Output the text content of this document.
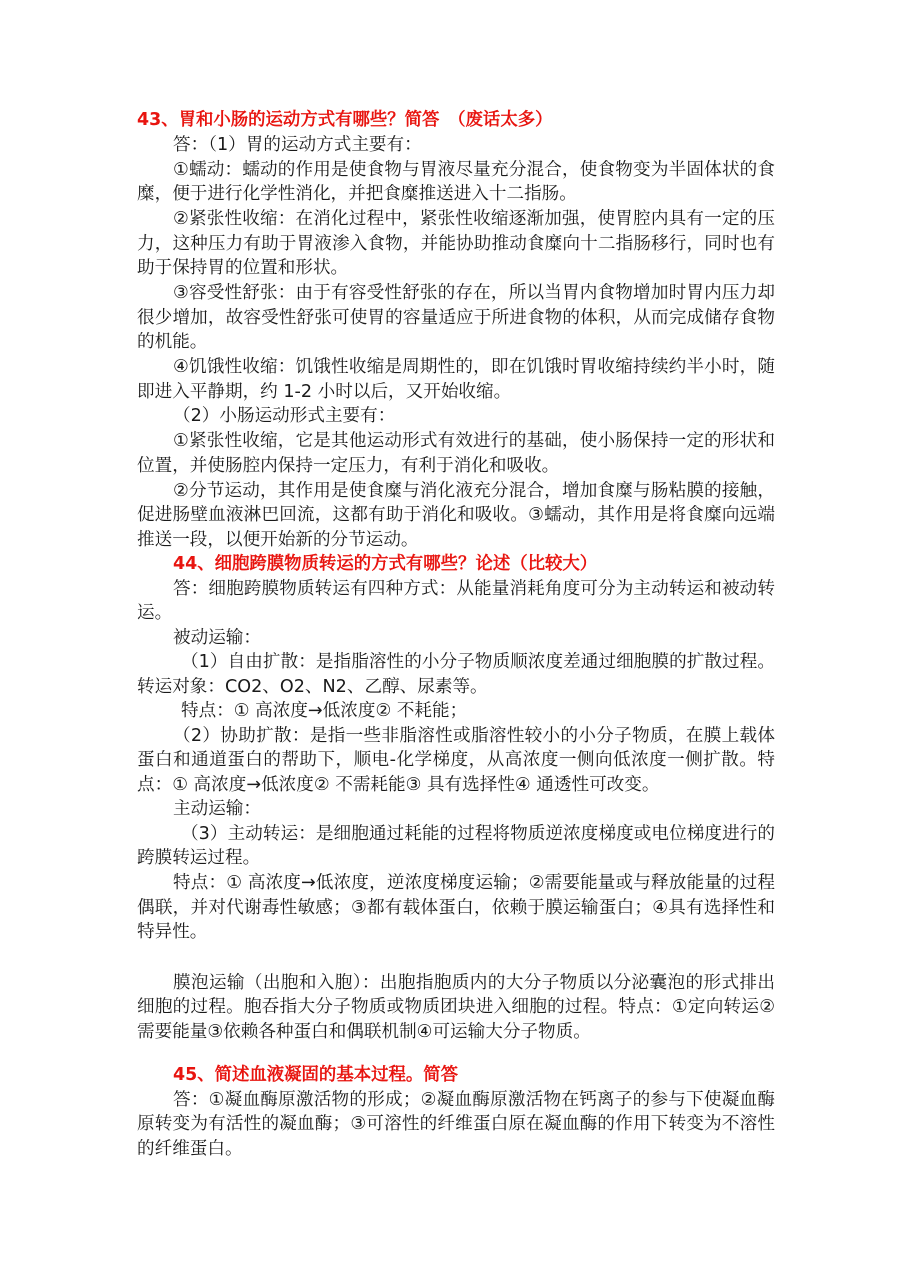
43、胃和小肠的运动方式有哪些？简答　（废话太多）

答：（1）胃的运动方式主要有：

①蠕动：蠕动的作用是使食物与胃液尽量充分混合，使食物变为半固体状的食糜，便于进行化学性消化，并把食糜推送进入十二指肠。

②紧张性收缩：在消化过程中，紧张性收缩逐渐加强，使胃腔内具有一定的压力，这种压力有助于胃液渗入食物，并能协助推动食糜向十二指肠移行，同时也有助于保持胃的位置和形状。

③容受性舒张：由于有容受性舒张的存在，所以当胃内食物增加时胃内压力却很少增加，故容受性舒张可使胃的容量适应于所进食物的体积，从而完成储存食物的机能。

④饥饿性收缩：饥饿性收缩是周期性的，即在饥饿时胃收缩持续约半小时，随即进入平静期，约 1-2 小时以后，又开始收缩。

（2）小肠运动形式主要有：

①紧张性收缩，它是其他运动形式有效进行的基础，使小肠保持一定的形状和位置，并使肠腔内保持一定压力，有利于消化和吸收。

②分节运动，其作用是使食糜与消化液充分混合，增加食糜与肠粘膜的接触，促进肠壁血液淋巴回流，这都有助于消化和吸收。③蠕动，其作用是将食糜向远端推送一段，以便开始新的分节运动。

44、细胞跨膜物质转运的方式有哪些？论述（比较大）

答：细胞跨膜物质转运有四种方式：从能量消耗角度可分为主动转运和被动转运。

被动运输：

（1）自由扩散：是指脂溶性的小分子物质顺浓度差通过细胞膜的扩散过程。转运对象：CO2、O2、N2、乙醇、尿素等。

特点：① 高浓度→低浓度② 不耗能；

（2）协助扩散：是指一些非脂溶性或脂溶性较小的小分子物质，在膜上载体蛋白和通道蛋白的帮助下，顺电-化学梯度，从高浓度一侧向低浓度一侧扩散。特点：① 高浓度→低浓度② 不需耗能③ 具有选择性④ 通透性可改变。

主动运输：

（3）主动转运：是细胞通过耗能的过程将物质逆浓度梯度或电位梯度进行的跨膜转运过程。

特点：① 高浓度→低浓度，逆浓度梯度运输；②需要能量或与释放能量的过程偶联，并对代谢毒性敏感；③都有载体蛋白，依赖于膜运输蛋白；④具有选择性和特异性。

膜泡运输（出胞和入胞）：出胞指胞质内的大分子物质以分泌囊泡的形式排出细胞的过程。胞吞指大分子物质或物质团块进入细胞的过程。特点：①定向转运②需要能量③依赖各种蛋白和偶联机制④可运输大分子物质。

45、简述血液凝固的基本过程。简答

答：①凝血酶原激活物的形成；②凝血酶原激活物在钙离子的参与下使凝血酶原转变为有活性的凝血酶；③可溶性的纤维蛋白原在凝血酶的作用下转变为不溶性的纤维蛋白。
